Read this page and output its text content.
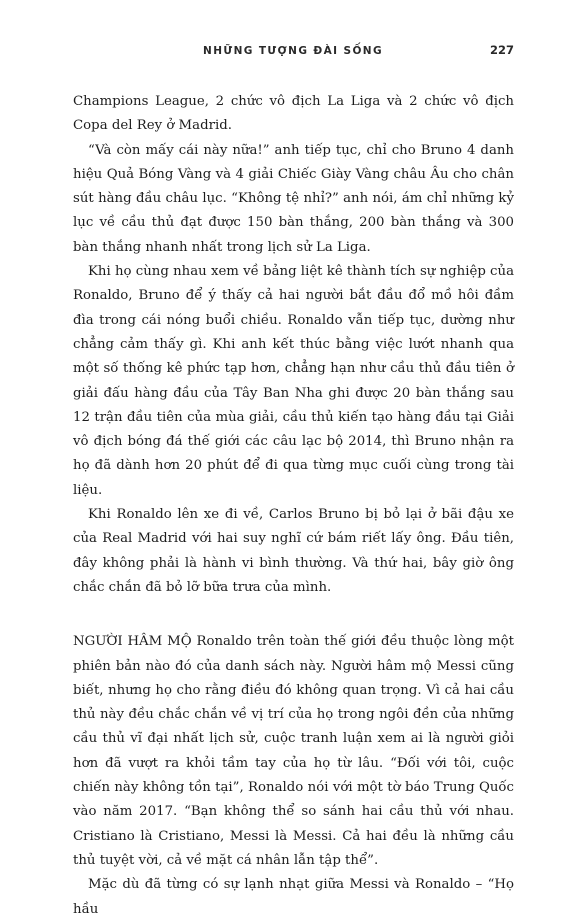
NHỮNG TƯỢNG ĐÀI SỐNG	227

Champions League, 2 chức vô địch La Liga và 2 chức vô địch Copa del Rey ở Madrid.

“Và còn mấy cái này nữa!” anh tiếp tục, chỉ cho Bruno 4 danh hiệu Quả Bóng Vàng và 4 giải Chiếc Giày Vàng châu Âu cho chân sút hàng đầu châu lục. “Không tệ nhỉ?” anh nói, ám chỉ những kỷ lục về cầu thủ đạt được 150 bàn thắng, 200 bàn thắng và 300 bàn thắng nhanh nhất trong lịch sử La Liga.

Khi họ cùng nhau xem về bảng liệt kê thành tích sự nghiệp của Ronaldo, Bruno để ý thấy cả hai người bắt đầu đổ mồ hôi đầm đìa trong cái nóng buổi chiều. Ronaldo vẫn tiếp tục, dường như chẳng cảm thấy gì. Khi anh kết thúc bằng việc lướt nhanh qua một số thống kê phức tạp hơn, chẳng hạn như cầu thủ đầu tiên ở giải đấu hàng đầu của Tây Ban Nha ghi được 20 bàn thắng sau 12 trận đầu tiên của mùa giải, cầu thủ kiến tạo hàng đầu tại Giải vô địch bóng đá thế giới các câu lạc bộ 2014, thì Bruno nhận ra họ đã dành hơn 20 phút để đi qua từng mục cuối cùng trong tài liệu.

Khi Ronaldo lên xe đi về, Carlos Bruno bị bỏ lại ở bãi đậu xe của Real Madrid với hai suy nghĩ cứ bám riết lấy ông. Đầu tiên, đây không phải là hành vi bình thường. Và thứ hai, bây giờ ông chắc chắn đã bỏ lỡ bữa trưa của mình.

NGƯỜI HÂM MỘ Ronaldo trên toàn thế giới đều thuộc lòng một phiên bản nào đó của danh sách này. Người hâm mộ Messi cũng biết, nhưng họ cho rằng điều đó không quan trọng. Vì cả hai cầu thủ này đều chắc chắn về vị trí của họ trong ngôi đền của những cầu thủ vĩ đại nhất lịch sử, cuộc tranh luận xem ai là người giỏi hơn đã vượt ra khỏi tầm tay của họ từ lâu. “Đối với tôi, cuộc chiến này không tồn tại”, Ronaldo nói với một tờ báo Trung Quốc vào năm 2017. “Bạn không thể so sánh hai cầu thủ với nhau. Cristiano là Cristiano, Messi là Messi. Cả hai đều là những cầu thủ tuyệt vời, cả về mặt cá nhân lẫn tập thể”.

Mặc dù đã từng có sự lạnh nhạt giữa Messi và Ronaldo – “Họ hầu
